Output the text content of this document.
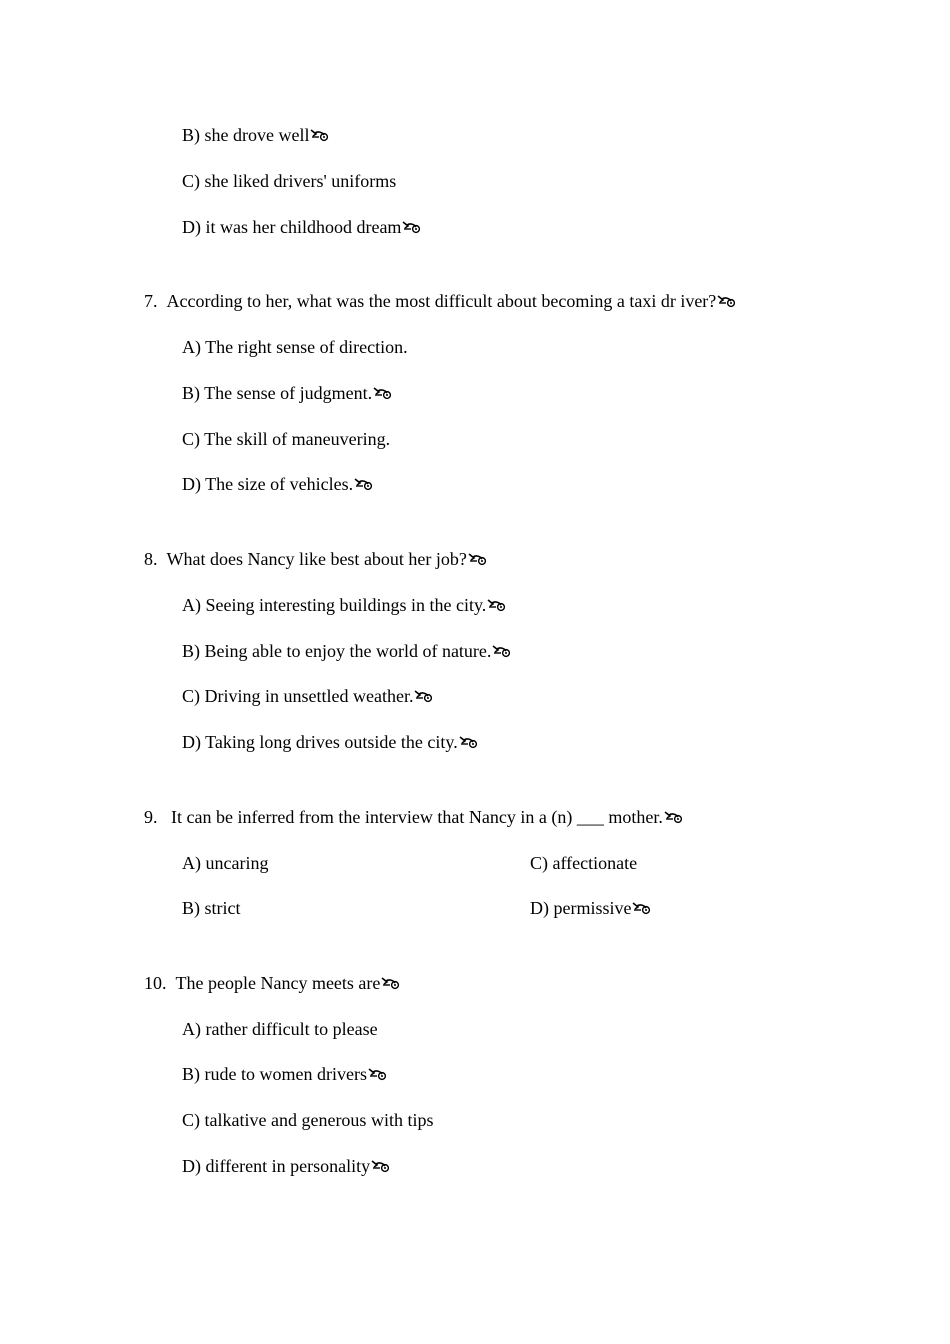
B) she drove well
C) she liked drivers' uniforms
D) it was her childhood dream
7. According to her, what was the most difficult about becoming a taxi dr iver?
A) The right sense of direction.
B) The sense of judgment.
C) The skill of maneuvering.
D) The size of vehicles.
8. What does Nancy like best about her job?
A) Seeing interesting buildings in the city.
B) Being able to enjoy the world of nature.
C) Driving in unsettled weather.
D) Taking long drives outside the city.
9. It can be inferred from the interview that Nancy in a (n) ___ mother.
A) uncaring	C) affectionate
B) strict	D) permissive
10. The people Nancy meets are
A) rather difficult to please
B) rude to women drivers
C) talkative and generous with tips
D) different in personality
